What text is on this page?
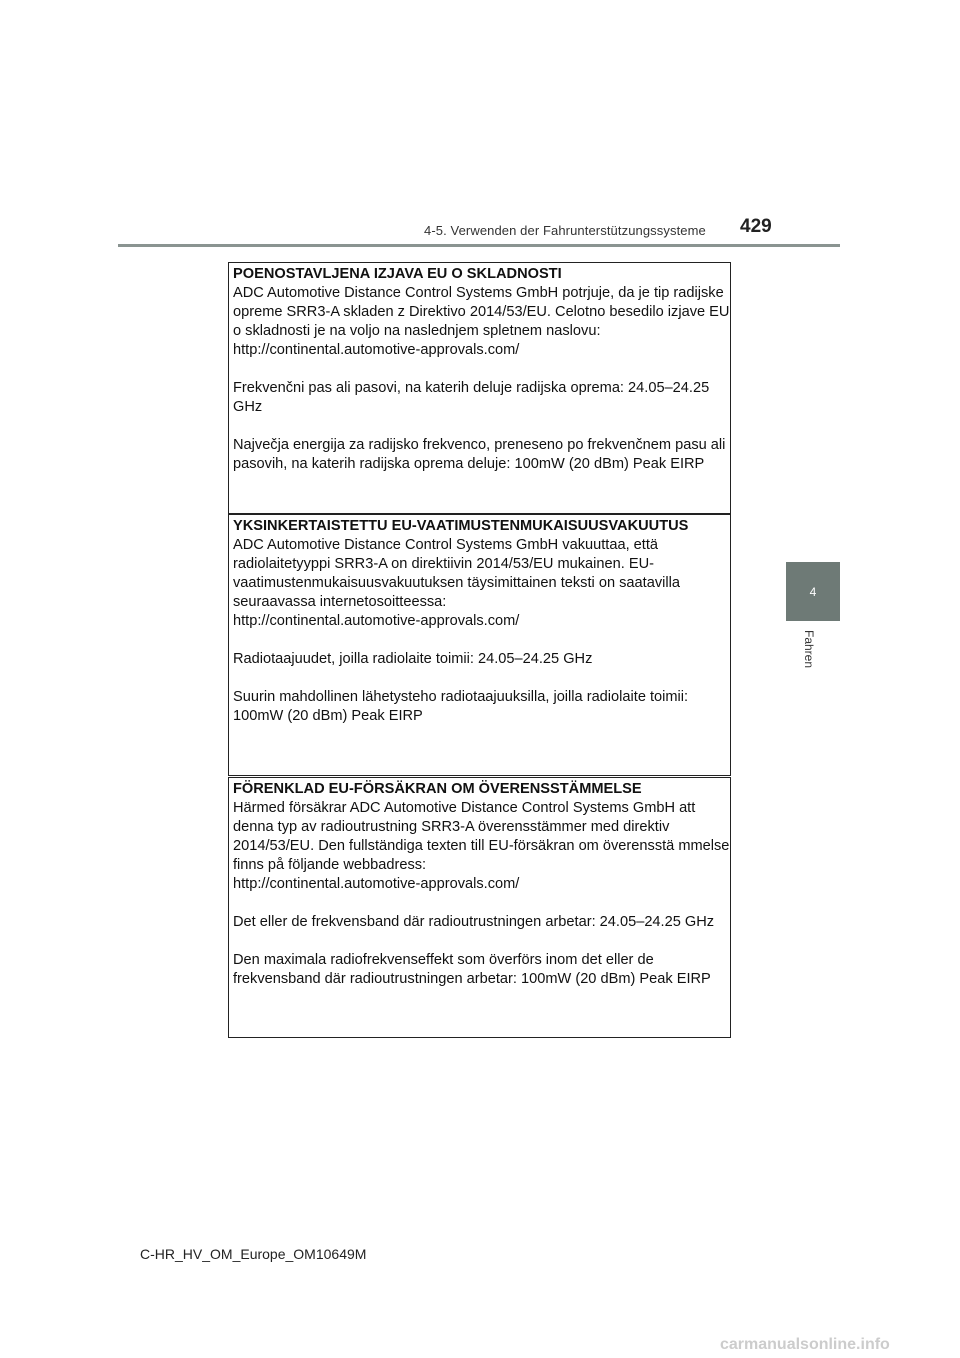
4-5. Verwenden der Fahrunterstützungssysteme 429
4
Fahren

POENOSTAVLJENA IZJAVA EU O SKLADNOSTI

ADC Automotive Distance Control Systems GmbH potrjuje, da je tip radijske opreme SRR3-A skladen z Direktivo 2014/53/EU. Celotno besedilo izjave EU o skladnosti je na voljo na naslednjem spletnem naslovu:

http://continental.automotive-approvals.com/

Frekvenčni pas ali pasovi, na katerih deluje radijska oprema: 24.05–24.25 GHz

Največja energija za radijsko frekvenco, preneseno po frekvenčnem pasu ali pasovih, na katerih radijska oprema deluje: 100mW (20 dBm) Peak EIRP

YKSINKERTAISTETTU EU-VAATIMUSTENMUKAISUUSVAKUUTUS

ADC Automotive Distance Control Systems GmbH vakuuttaa, että radiolaitetyyppi SRR3-A on direktiivin 2014/53/EU mukainen. EU-vaatimustenmukaisuusvakuutuksen täysimittainen teksti on saatavilla seuraavassa internetosoitteessa:

http://continental.automotive-approvals.com/

Radiotaajuudet, joilla radiolaite toimii: 24.05–24.25 GHz

Suurin mahdollinen lähetysteho radiotaajuuksilla, joilla radiolaite toimii: 100mW (20 dBm) Peak EIRP

FÖRENKLAD EU-FÖRSÄKRAN OM ÖVERENSSTÄMMELSE

Härmed försäkrar ADC Automotive Distance Control Systems GmbH att denna typ av radioutrustning SRR3-A överensstämmer med direktiv 2014/53/EU. Den fullständiga texten till EU-försäkran om överensstä mmelse finns på följande webbadress:

http://continental.automotive-approvals.com/

Det eller de frekvensband där radioutrustningen arbetar: 24.05–24.25 GHz

Den maximala radiofrekvenseffekt som överförs inom det eller de frekvensband där radioutrustningen arbetar: 100mW (20 dBm) Peak EIRP

C-HR_HV_OM_Europe_OM10649M
carmanualsonline.info
